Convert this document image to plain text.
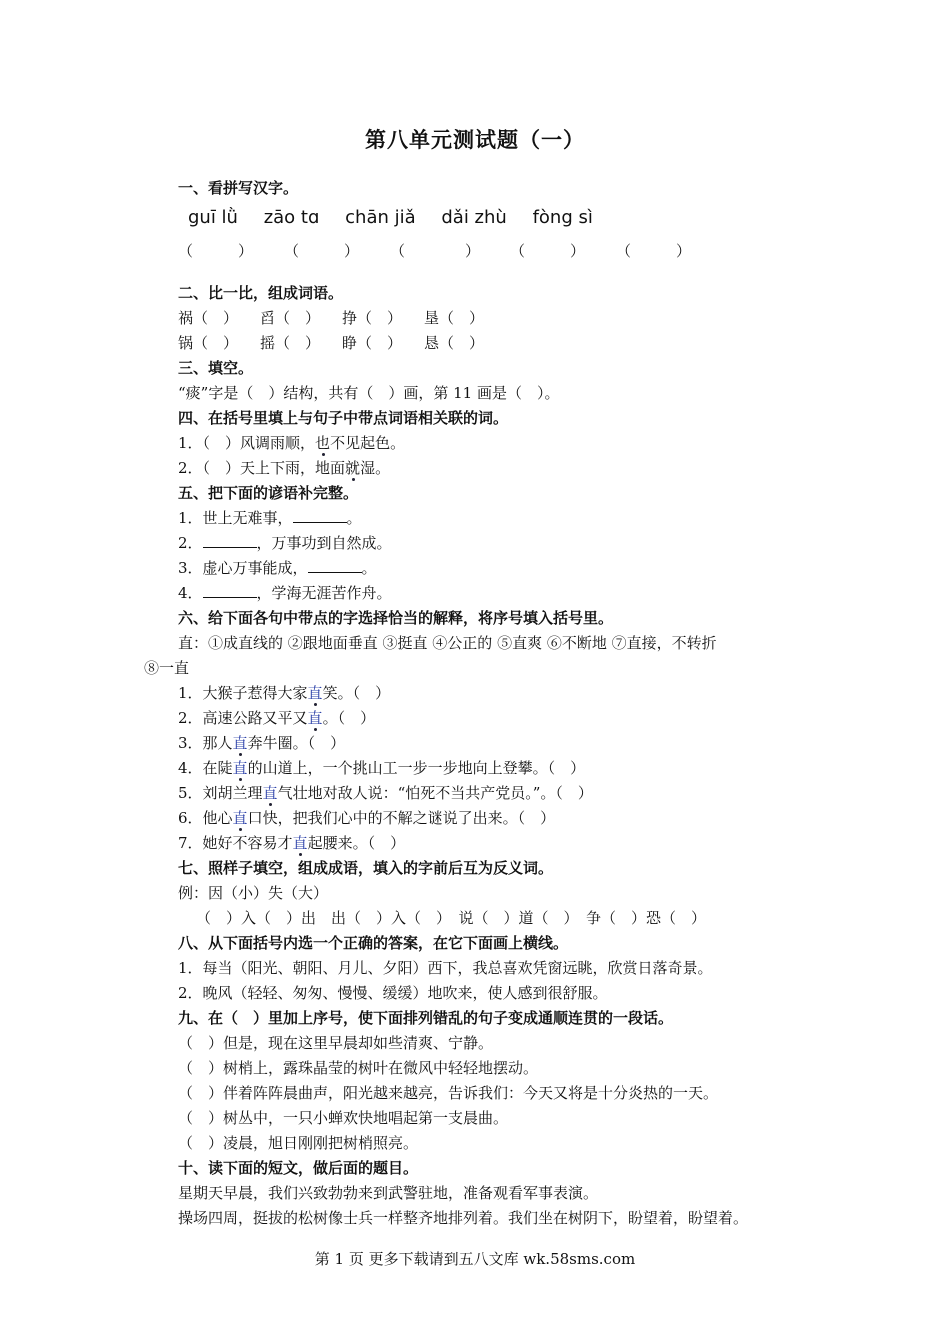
第八单元测试题（一）
一、看拼写汉字。
guī lǜ zāo tɑ chān jiǎ dǎi zhù fòng sì
（　　　） （　　　） （　　　　） （　　　） （　　　）
二、比一比，组成词语。
祸（　） 舀（　） 挣（　） 垦（　）
锅（　） 摇（　） 睁（　） 恳（　）
三、填空。
“痰”字是（　）结构，共有（　）画，第 11 画是（　）。
四、在括号里填上与句子中带点词语相关联的词。
1．（　）风调雨顺，也不见起色。
2．（　）天上下雨，地面就湿。
五、把下面的谚语补完整。
1．世上无难事，	。
2．	，万事功到自然成。
3．虚心万事能成，	。
4．	，学海无涯苦作舟。
六、给下面各句中带点的字选择恰当的解释，将序号填入括号里。
直：①成直线的 ②跟地面垂直 ③挺直 ④公正的 ⑤直爽 ⑥不断地 ⑦直接，不转折
⑧一直
1．大猴子惹得大家直笑。（　）
2．高速公路又平又直。（　）
3．那人直奔牛圈。（　）
4．在陡直的山道上，一个挑山工一步一步地向上登攀。（　）
5．刘胡兰理直气壮地对敌人说：“怕死不当共产党员。”。（　）
6．他心直口快，把我们心中的不解之谜说了出来。（　）
7．她好不容易才直起腰来。（　）
七、照样子填空，组成成语，填入的字前后互为反义词。
例：因（小）失（大）
（　）入（　）出　出（　）入（　）　说（　）道（　）　争（　）恐（　）
八、从下面括号内选一个正确的答案，在它下面画上横线。
1．每当（阳光、朝阳、月儿、夕阳）西下，我总喜欢凭窗远眺，欣赏日落奇景。
2．晚风（轻轻、匆匆、慢慢、缓缓）地吹来，使人感到很舒服。
九、在（　）里加上序号，使下面排列错乱的句子变成通顺连贯的一段话。
（　）但是，现在这里早晨却如些清爽、宁静。
（　）树梢上，露珠晶莹的树叶在微风中轻轻地摆动。
（　）伴着阵阵晨曲声，阳光越来越亮，告诉我们：今天又将是十分炎热的一天。
（　）树丛中，一只小蝉欢快地唱起第一支晨曲。
（　）凌晨，旭日刚刚把树梢照亮。
十、读下面的短文，做后面的题目。
星期天早晨，我们兴致勃勃来到武警驻地，准备观看军事表演。
操场四周，挺拔的松树像士兵一样整齐地排列着。我们坐在树阴下，盼望着，盼望着。
第 1 页 更多下载请到五八文库 wk.58sms.com
